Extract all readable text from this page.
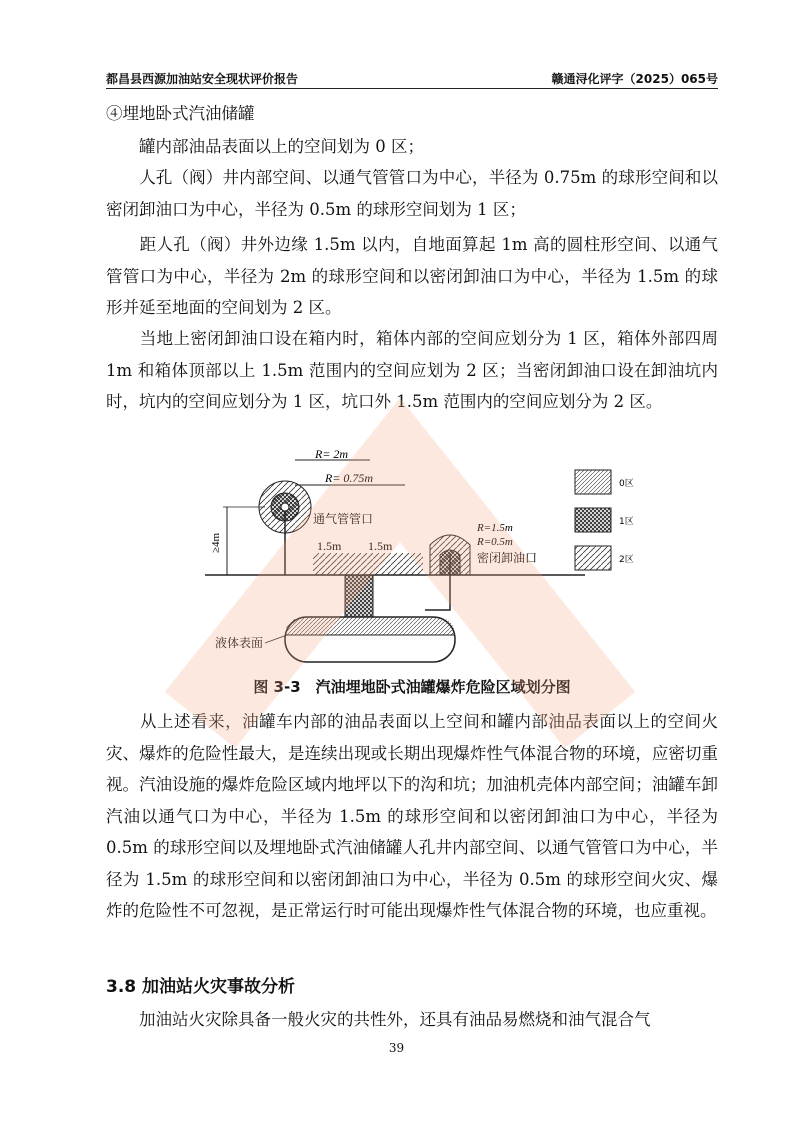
都昌县西源加油站安全现状评价报告	赣通浔化评字（2025）065号
④埋地卧式汽油储罐
　　罐内部油品表面以上的空间划为 0 区；
　　人孔（阀）井内部空间、以通气管管口为中心，半径为 0.75m 的球形空间和以密闭卸油口为中心，半径为 0.5m 的球形空间划为 1 区；
　　距人孔（阀）井外边缘 1.5m 以内，自地面算起 1m 高的圆柱形空间、以通气管管口为中心，半径为 2m 的球形空间和以密闭卸油口为中心，半径为 1.5m 的球形并延至地面的空间划为 2 区。
　　当地上密闭卸油口设在箱内时，箱体内部的空间应划分为 1 区，箱体外部四周 1m 和箱体顶部以上 1.5m 范围内的空间应划为 2 区；当密闭卸油口设在卸油坑内时，坑内的空间应划分为 1 区，坑口外 1.5m 范围内的空间应划分为 2 区。
R= 2m
R= 0.75m
通气管管口
≥4m	1.5m 1.5m
R=1.5m
R=0.5m
密闭卸油口
液体表面
0区
1区
2区
图 3-3　汽油埋地卧式油罐爆炸危险区域划分图
　　从上述看来，油罐车内部的油品表面以上空间和罐内部油品表面以上的空间火灾、爆炸的危险性最大，是连续出现或长期出现爆炸性气体混合物的环境，应密切重视。汽油设施的爆炸危险区域内地坪以下的沟和坑；加油机壳体内部空间；油罐车卸汽油以通气口为中心，半径为 1.5m 的球形空间和以密闭卸油口为中心，半径为 0.5m 的球形空间以及埋地卧式汽油储罐人孔井内部空间、以通气管管口为中心，半径为 1.5m 的球形空间和以密闭卸油口为中心，半径为 0.5m 的球形空间火灾、爆炸的危险性不可忽视，是正常运行时可能出现爆炸性气体混合物的环境，也应重视。
3.8 加油站火灾事故分析
　　加油站火灾除具备一般火灾的共性外，还具有油品易燃烧和油气混合气
39
